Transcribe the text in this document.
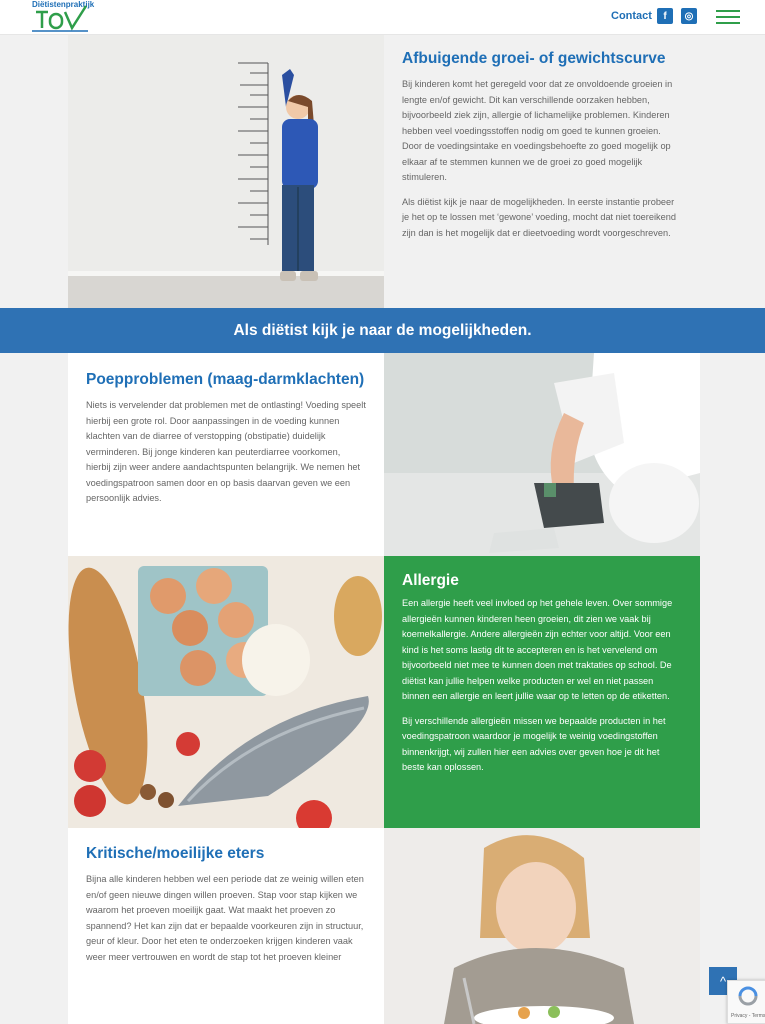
Diëtistenpraktijk
Contact	f	◎
Afbuigende groei- of gewichtscurve

Bij kinderen komt het geregeld voor dat ze onvoldoende groeien in lengte en/of gewicht. Dit kan verschillende oorzaken hebben, bijvoorbeeld ziek zijn, allergie of lichamelijke problemen. Kinderen hebben veel voedingsstoffen nodig om goed te kunnen groeien. Door de voedingsintake en voedingsbehoefte zo goed mogelijk op elkaar af te stemmen kunnen we de groei zo goed mogelijk stimuleren.

Als diëtist kijk je naar de mogelijkheden. In eerste instantie probeer je het op te lossen met ‘gewone’ voeding, mocht dat niet toereikend zijn dan is het mogelijk dat er dieetvoeding wordt voorgeschreven.

Als diëtist kijk je naar de mogelijkheden.
Poepproblemen (maag-darmklachten)

Niets is vervelender dat problemen met de ontlasting! Voeding speelt hierbij een grote rol. Door aanpassingen in de voeding kunnen klachten van de diarree of verstopping (obstipatie) duidelijk verminderen. Bij jonge kinderen kan peuterdiarree voorkomen, hierbij zijn weer andere aandachtspunten belangrijk. We nemen het voedingspatroon samen door en op basis daarvan geven we een persoonlijk advies.

Allergie

Een allergie heeft veel invloed op het gehele leven. Over sommige allergieën kunnen kinderen heen groeien, dit zien we vaak bij koemelkallergie. Andere allergieën zijn echter voor altijd. Voor een kind is het soms lastig dit te accepteren en is het vervelend om bijvoorbeeld niet mee te kunnen doen met traktaties op school. De diëtist kan jullie helpen welke producten er wel en niet passen binnen een allergie en leert jullie waar op te letten op de etiketten.

Bij verschillende allergieën missen we bepaalde producten in het voedingspatroon waardoor je mogelijk te weinig voedingstoffen binnenkrijgt, wij zullen hier een advies over geven hoe je dit het beste kan oplossen.

Kritische/moeilijke eters

Bijna alle kinderen hebben wel een periode dat ze weinig willen eten en/of geen nieuwe dingen willen proeven. Stap voor stap kijken we waarom het proeven moeilijk gaat. Wat maakt het proeven zo spannend? Het kan zijn dat er bepaalde voorkeuren zijn in structuur, geur of kleur. Door het eten te onderzoeken krijgen kinderen vaak weer meer vertrouwen en wordt de stap tot het proeven kleiner

^
Privacy - Terms
